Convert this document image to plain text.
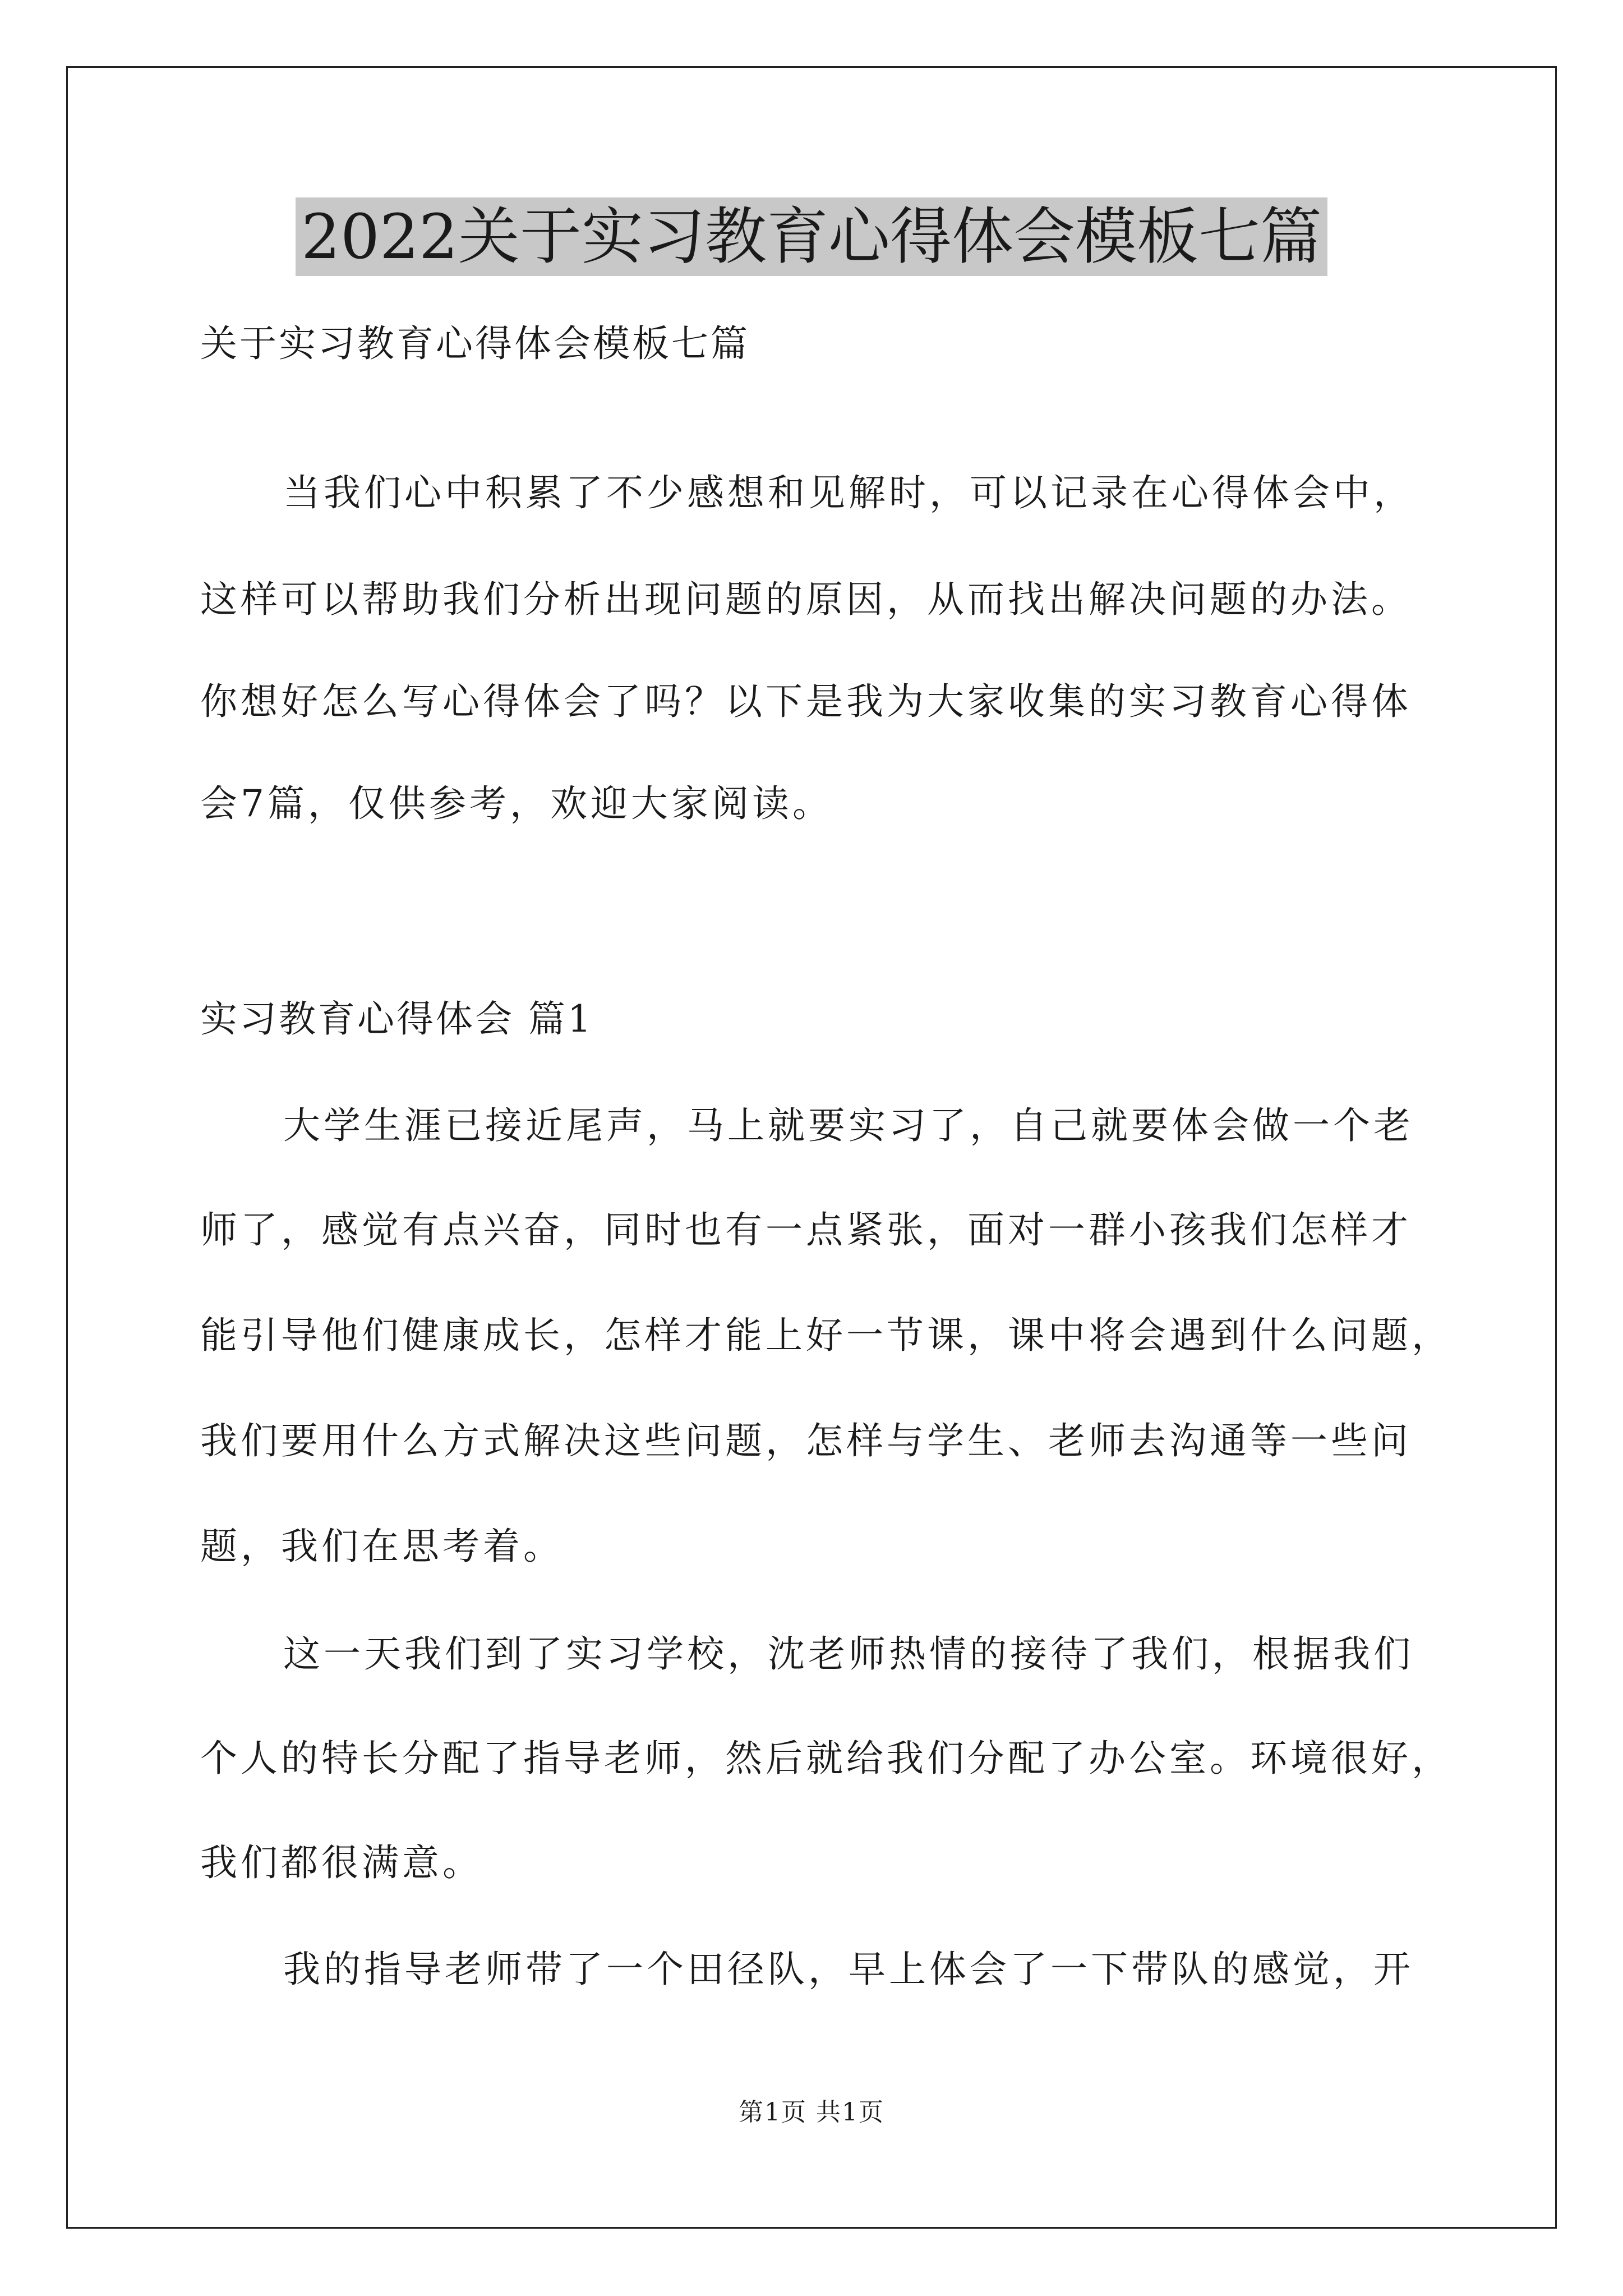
2022关于实习教育心得体会模板七篇
关于实习教育心得体会模板七篇
当我们心中积累了不少感想和见解时，可以记录在心得体会中，
这样可以帮助我们分析出现问题的原因，从而找出解决问题的办法。
你想好怎么写心得体会了吗？以下是我为大家收集的实习教育心得体
会7篇，仅供参考，欢迎大家阅读。
实习教育心得体会 篇1
大学生涯已接近尾声，马上就要实习了，自己就要体会做一个老
师了，感觉有点兴奋，同时也有一点紧张，面对一群小孩我们怎样才
能引导他们健康成长，怎样才能上好一节课，课中将会遇到什么问题，
我们要用什么方式解决这些问题，怎样与学生、老师去沟通等一些问
题，我们在思考着。
这一天我们到了实习学校，沈老师热情的接待了我们，根据我们
个人的特长分配了指导老师，然后就给我们分配了办公室。环境很好，
我们都很满意。
我的指导老师带了一个田径队，早上体会了一下带队的感觉，开
第1页 共1页
